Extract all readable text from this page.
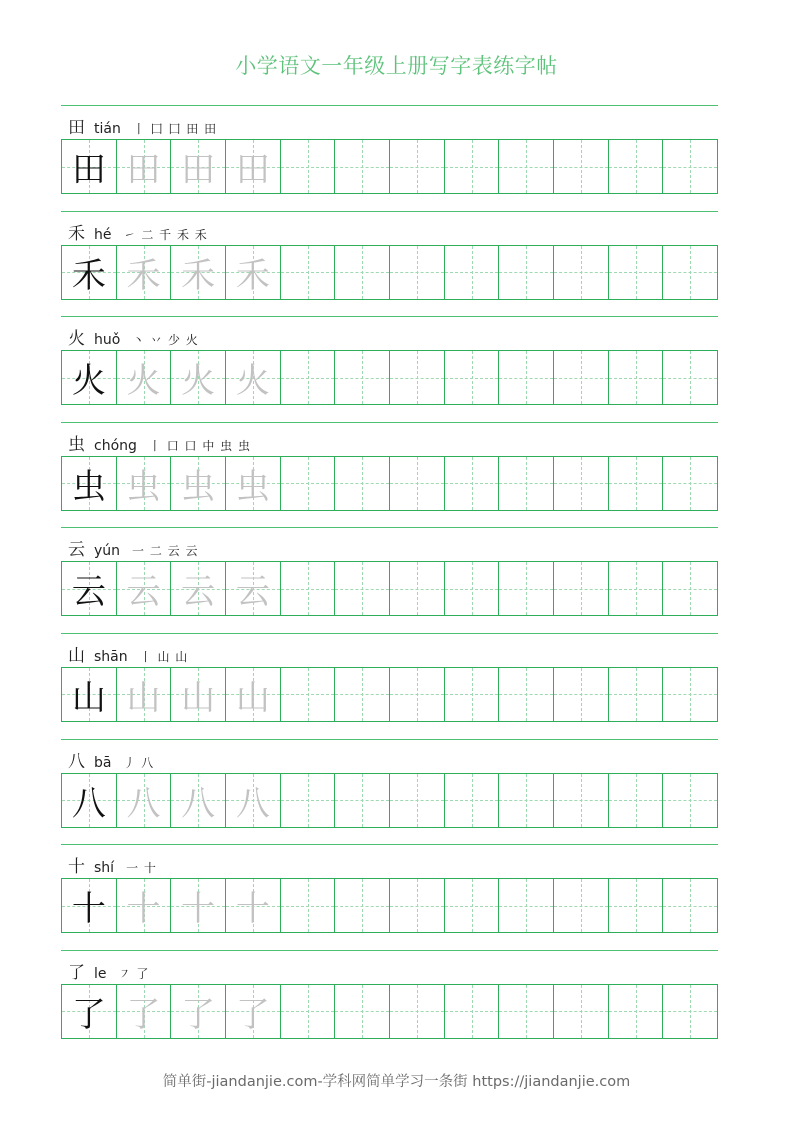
小学语文一年级上册写字表练字帖
田 tián 丨 ⼞ ⼞ 田 田
田 田 田 田
禾 hé ㇀ 二 千 禾 禾
禾 禾 禾 禾
火 huǒ 丶 丷 少 火
火 火 火 火
虫 chóng 丨 口 口 中 虫 虫
虫 虫 虫 虫
云 yún 一 二 云 云
云 云 云 云
山 shān 丨 山 山
山 山 山 山
八 bā 丿 八
八 八 八 八
十 shí 一 十
十 十 十 十
了 le ㇇ 了
了 了 了 了
简单街-jiandanjie.com-学科网简单学习一条街 https://jiandanjie.com
